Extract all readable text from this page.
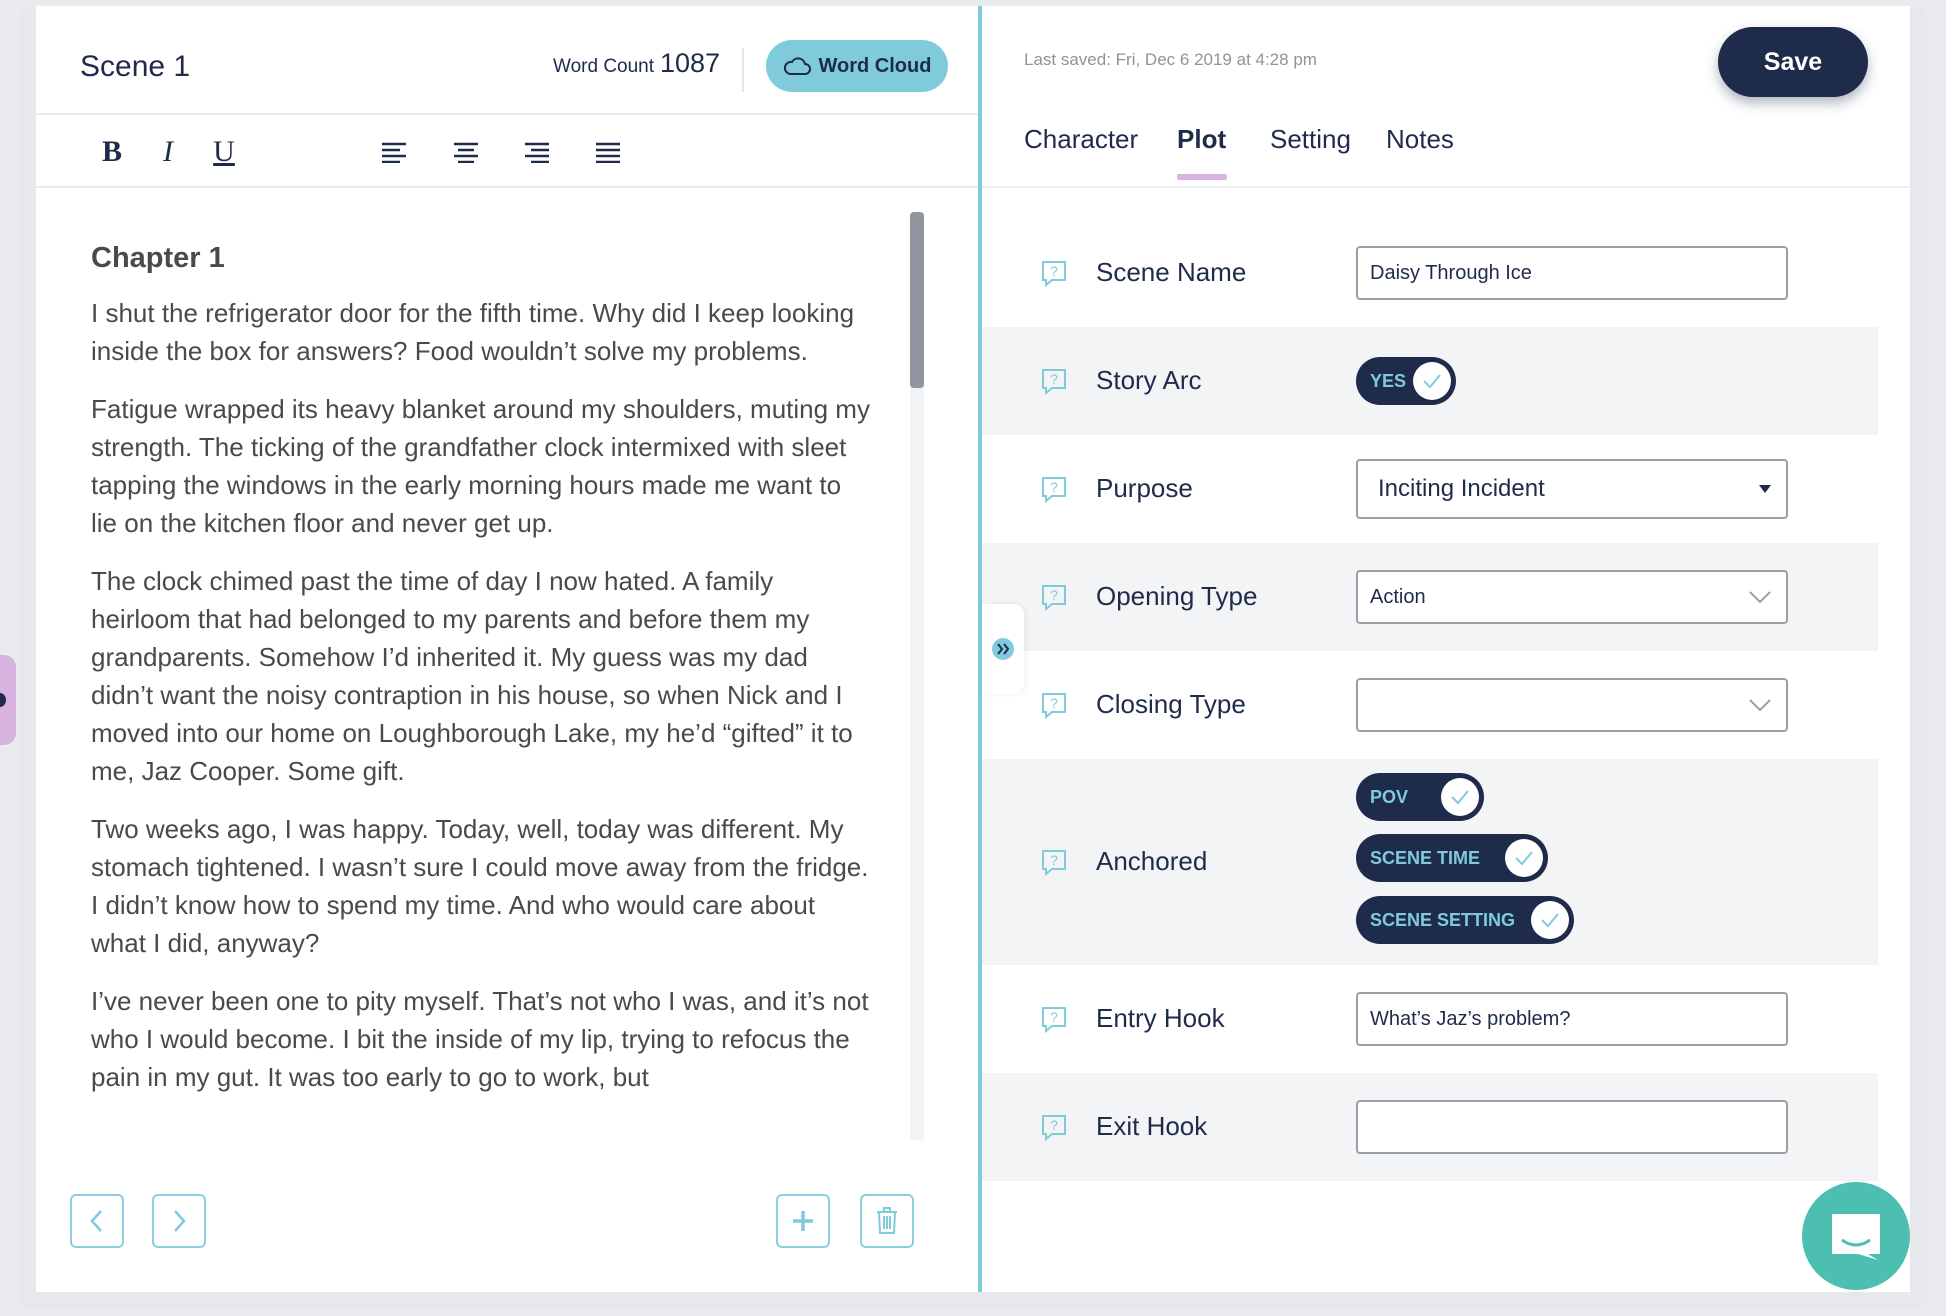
Scene 1	Word Count 1087	Word Cloud
B	I	U
Chapter 1

I shut the refrigerator door for the fifth time. Why did I keep looking inside the box for answers? Food wouldn’t solve my problems.

Fatigue wrapped its heavy blanket around my shoulders, muting my strength. The ticking of the grandfather clock intermixed with sleet tapping the windows in the early morning hours made me want to lie on the kitchen floor and never get up.

The clock chimed past the time of day I now hated. A family heirloom that had belonged to my parents and before them my grandparents. Somehow I’d inherited it. My guess was my dad didn’t want the noisy contraption in his house, so when Nick and I moved into our home on Loughborough Lake, my he’d “gifted” it to me, Jaz Cooper. Some gift.

Two weeks ago, I was happy. Today, well, today was different. My stomach tightened. I wasn’t sure I could move away from the fridge. I didn’t know how to spend my time. And who would care about what I did, anyway?

I’ve never been one to pity myself. That’s not who I was, and it’s not who I would become. I bit the inside of my lip, trying to refocus the pain in my gut. It was too early to go to work, but

Last saved: Fri, Dec 6 2019 at 4:28 pm	Save
Character Plot Setting Notes
? Scene Name	Daisy Through Ice
? Story Arc	YES
? Purpose	Inciting Incident
? Opening Type	Action
? Closing Type
? Anchored
POV
SCENE TIME
SCENE SETTING
? Entry Hook	What’s Jaz’s problem?
? Exit Hook
